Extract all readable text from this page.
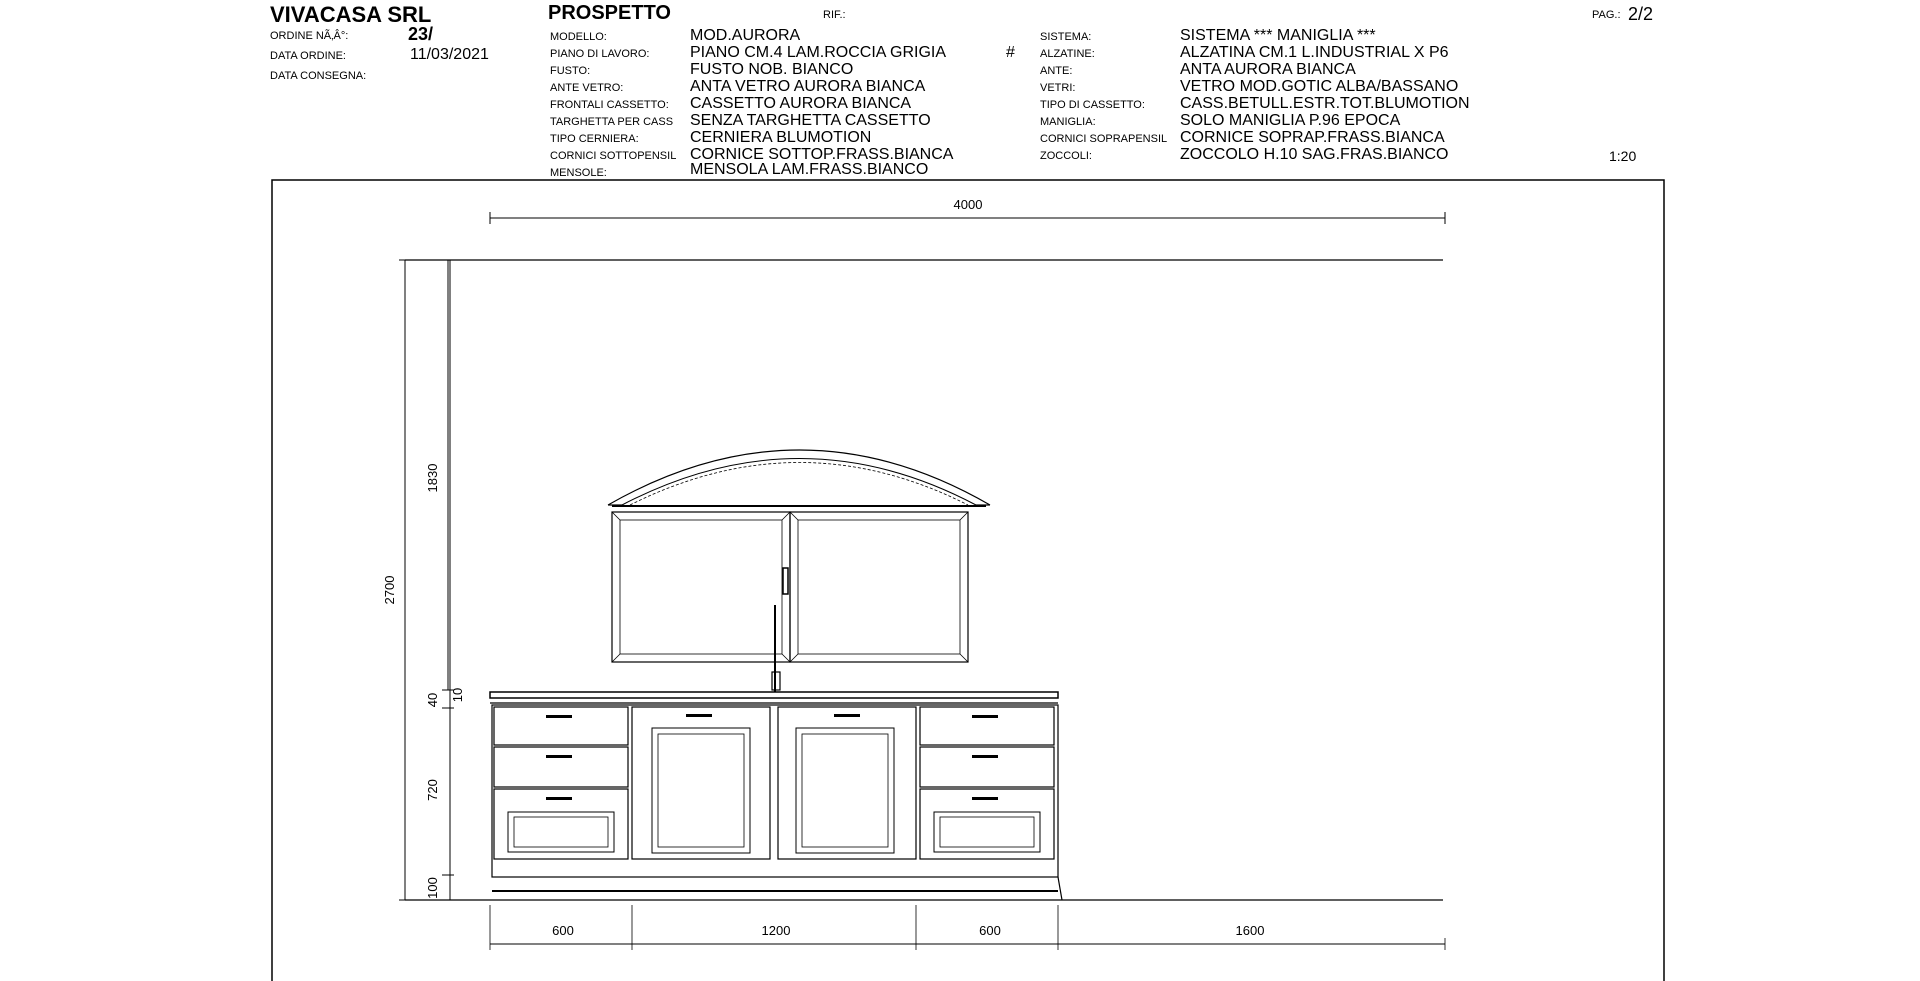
VIVACASA SRL
ORDINE NÃ‚Â°:	23/
DATA ORDINE:	11/03/2021
DATA CONSEGNA:
PROSPETTO	RIF.:	PAG.: 2/2
1:20
#
MODELLO:	MOD.AURORA
PIANO DI LAVORO:	PIANO CM.4 LAM.ROCCIA GRIGIA
FUSTO:	FUSTO NOB. BIANCO
ANTE VETRO:	ANTA VETRO AURORA BIANCA
FRONTALI CASSETTO: CASSETTO AURORA BIANCA
TARGHETTA PER CASS SENZA TARGHETTA CASSETTO
TIPO CERNIERA:	CERNIERA BLUMOTION
CORNICI SOTTOPENSIL CORNICE SOTTOP.FRASS.BIANCA
MENSOLE:	MENSOLA LAM.FRASS.BIANCO
SISTEMA:	SISTEMA *** MANIGLIA ***
ALZATINE:	ALZATINA CM.1 L.INDUSTRIAL X P6
ANTE:	ANTA AURORA BIANCA
VETRI:	VETRO MOD.GOTIC ALBA/BASSANO
TIPO DI CASSETTO: CASS.BETULL.ESTR.TOT.BLUMOTION
MANIGLIA:	SOLO MANIGLIA P.96 EPOCA
CORNICI SOPRAPENSIL CORNICE SOPRAP.FRASS.BIANCA
ZOCCOLI:	ZOCCOLO H.10 SAG.FRAS.BIANCO
4000
2700
1830
40 10
720
100
600	1200	600	1600
